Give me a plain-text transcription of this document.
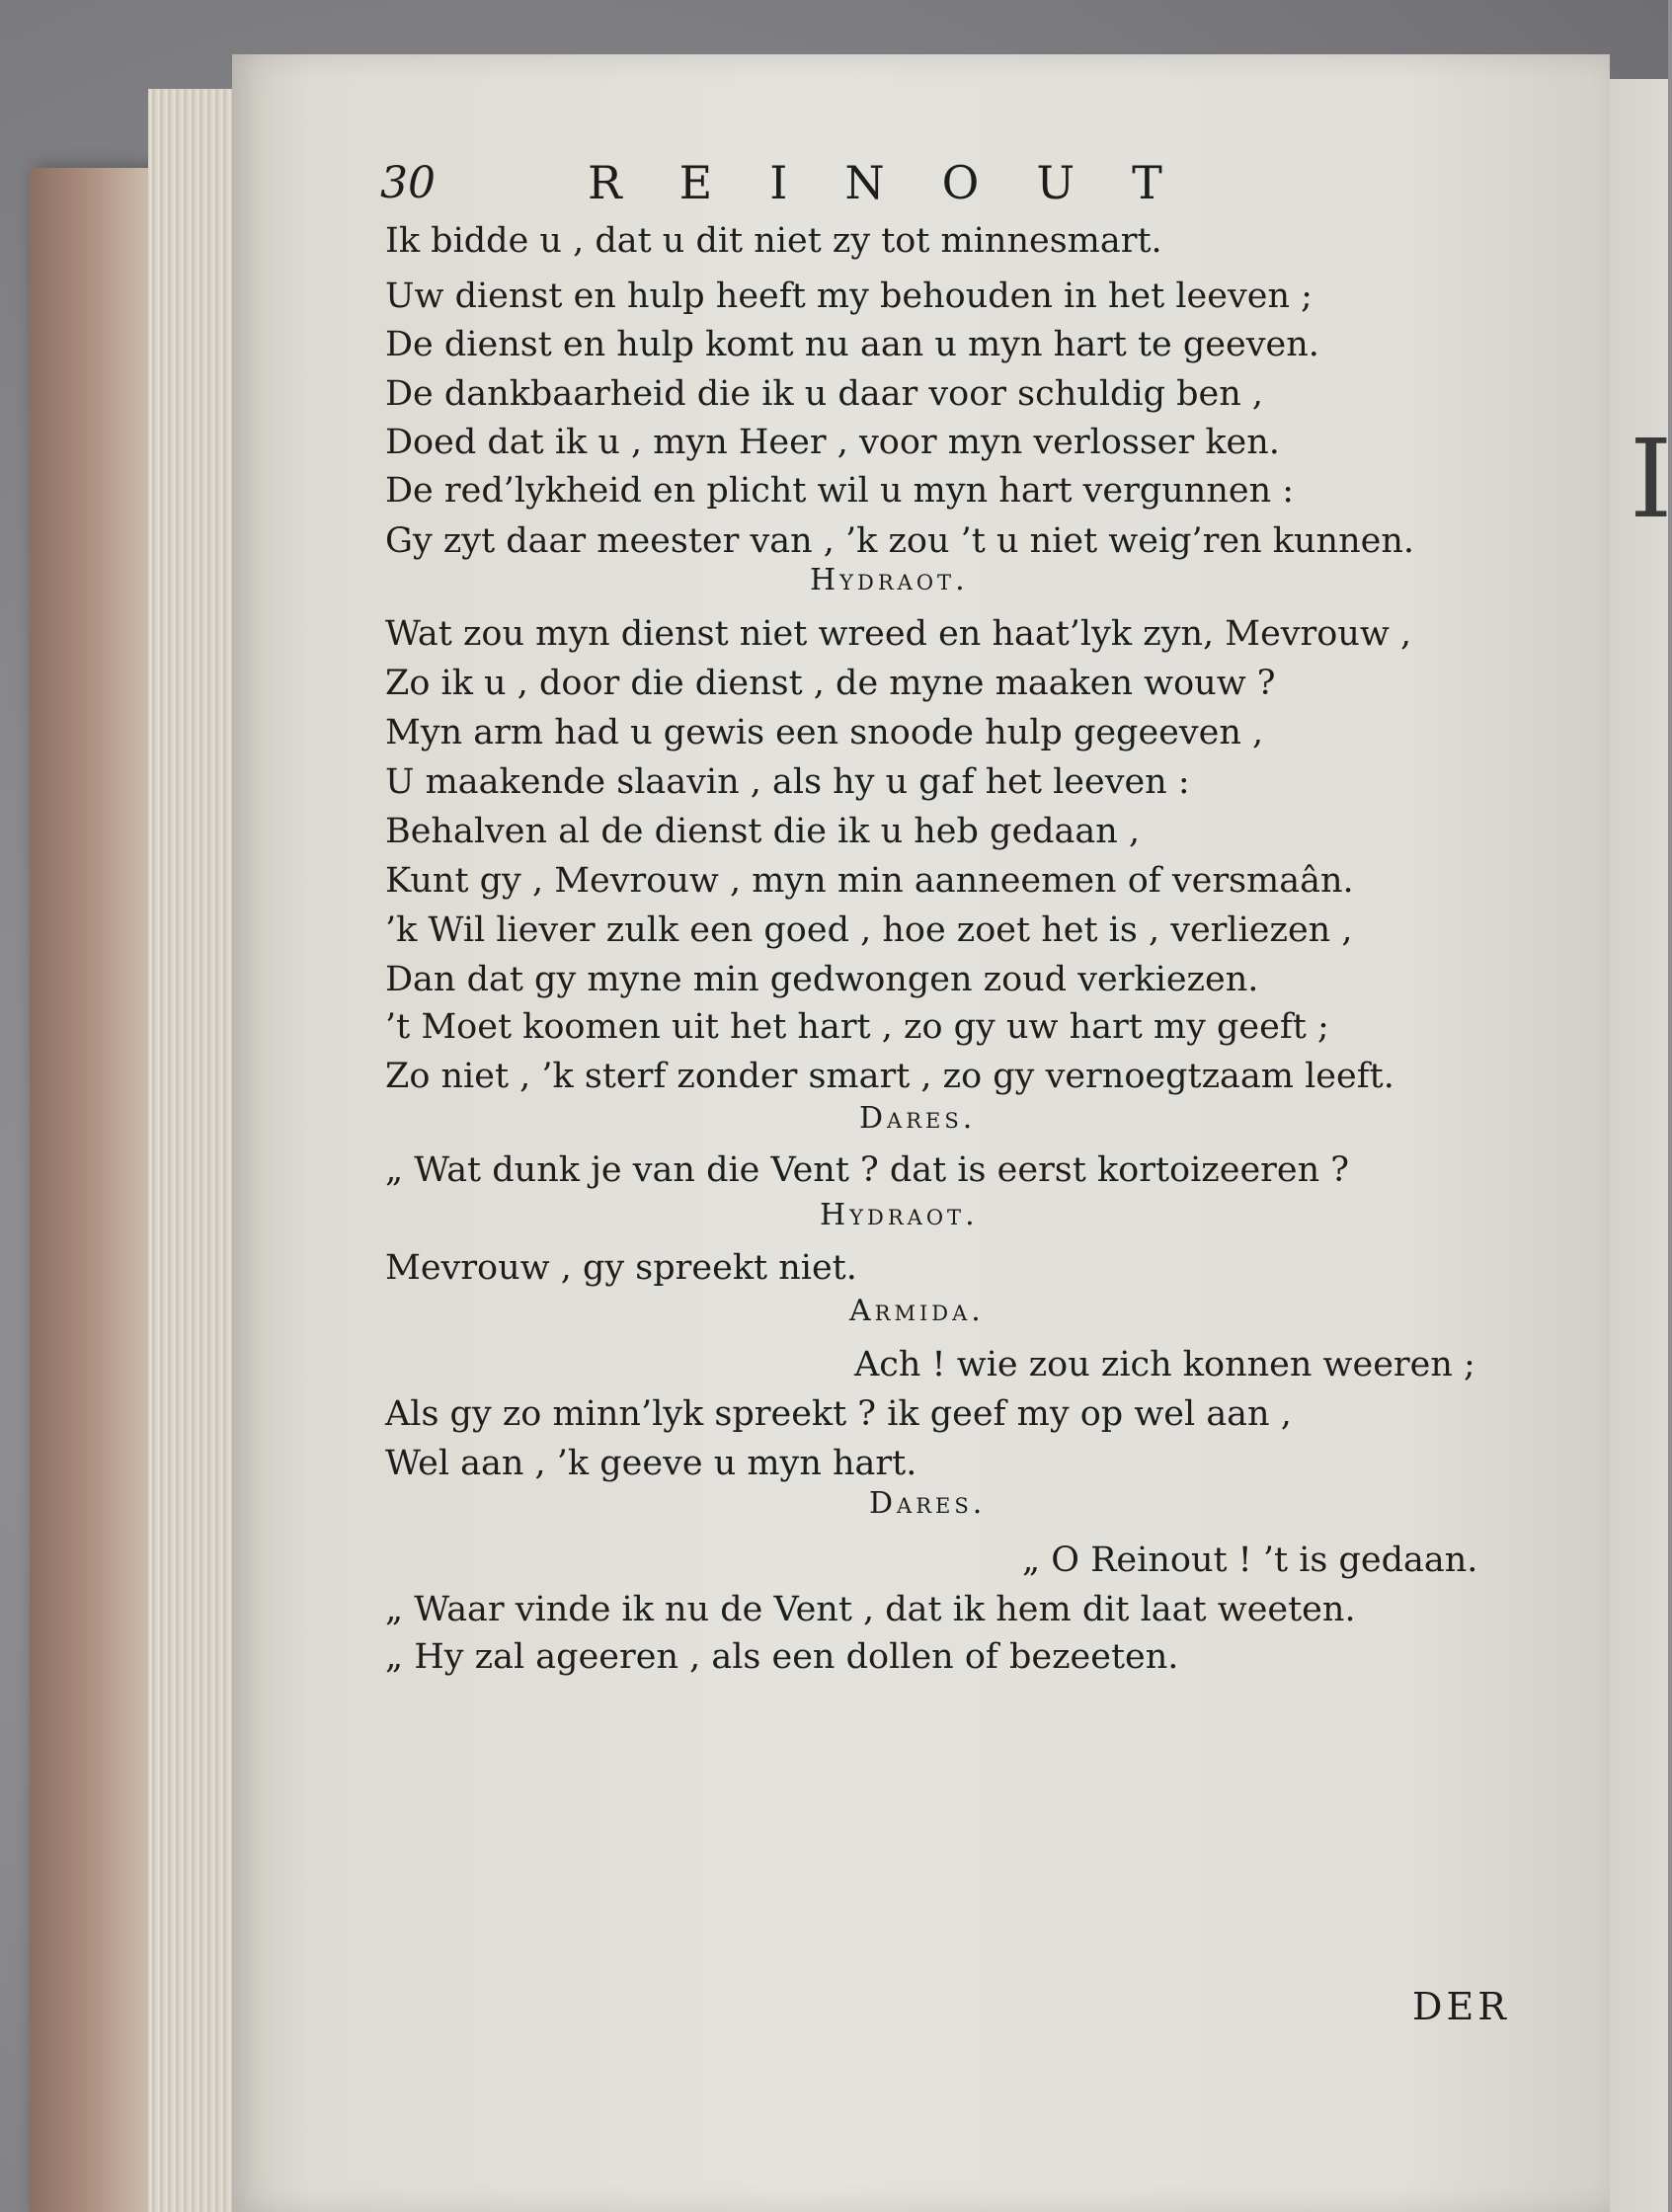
I
30	REINOUT
Ik bidde u , dat u dit niet zy tot minnesmart.
Uw dienst en hulp heeft my behouden in het leeven ;
De dienst en hulp komt nu aan u myn hart te geeven.
De dankbaarheid die ik u daar voor schuldig ben ,
Doed dat ik u , myn Heer , voor myn verlosser ken.
De red’lykheid en plicht wil u myn hart vergunnen :
Gy zyt daar meester van , ’k zou ’t u niet weig’ren kunnen.
Hydraot.
Wat zou myn dienst niet wreed en haat’lyk zyn, Mevrouw ,
Zo ik u , door die dienst , de myne maaken wouw ?
Myn arm had u gewis een snoode hulp gegeeven ,
U maakende slaavin , als hy u gaf het leeven :
Behalven al de dienst die ik u heb gedaan ,
Kunt gy , Mevrouw , myn min aanneemen of versmaân.
’k Wil liever zulk een goed , hoe zoet het is , verliezen ,
Dan dat gy myne min gedwongen zoud verkiezen.
’t Moet koomen uit het hart , zo gy uw hart my geeft ;
Zo niet , ’k sterf zonder smart , zo gy vernoegtzaam leeft.
Dares.
„ Wat dunk je van die Vent ? dat is eerst kortoizeeren ?
Hydraot.
Mevrouw , gy spreekt niet.
Armida.
Ach ! wie zou zich konnen weeren ;
Als gy zo minn’lyk spreekt ? ik geef my op wel aan ,
Wel aan , ’k geeve u myn hart.
Dares.
„ O Reinout ! ’t is gedaan.
„ Waar vinde ik nu de Vent , dat ik hem dit laat weeten.
„ Hy zal ageeren , als een dollen of bezeeten.
DER
